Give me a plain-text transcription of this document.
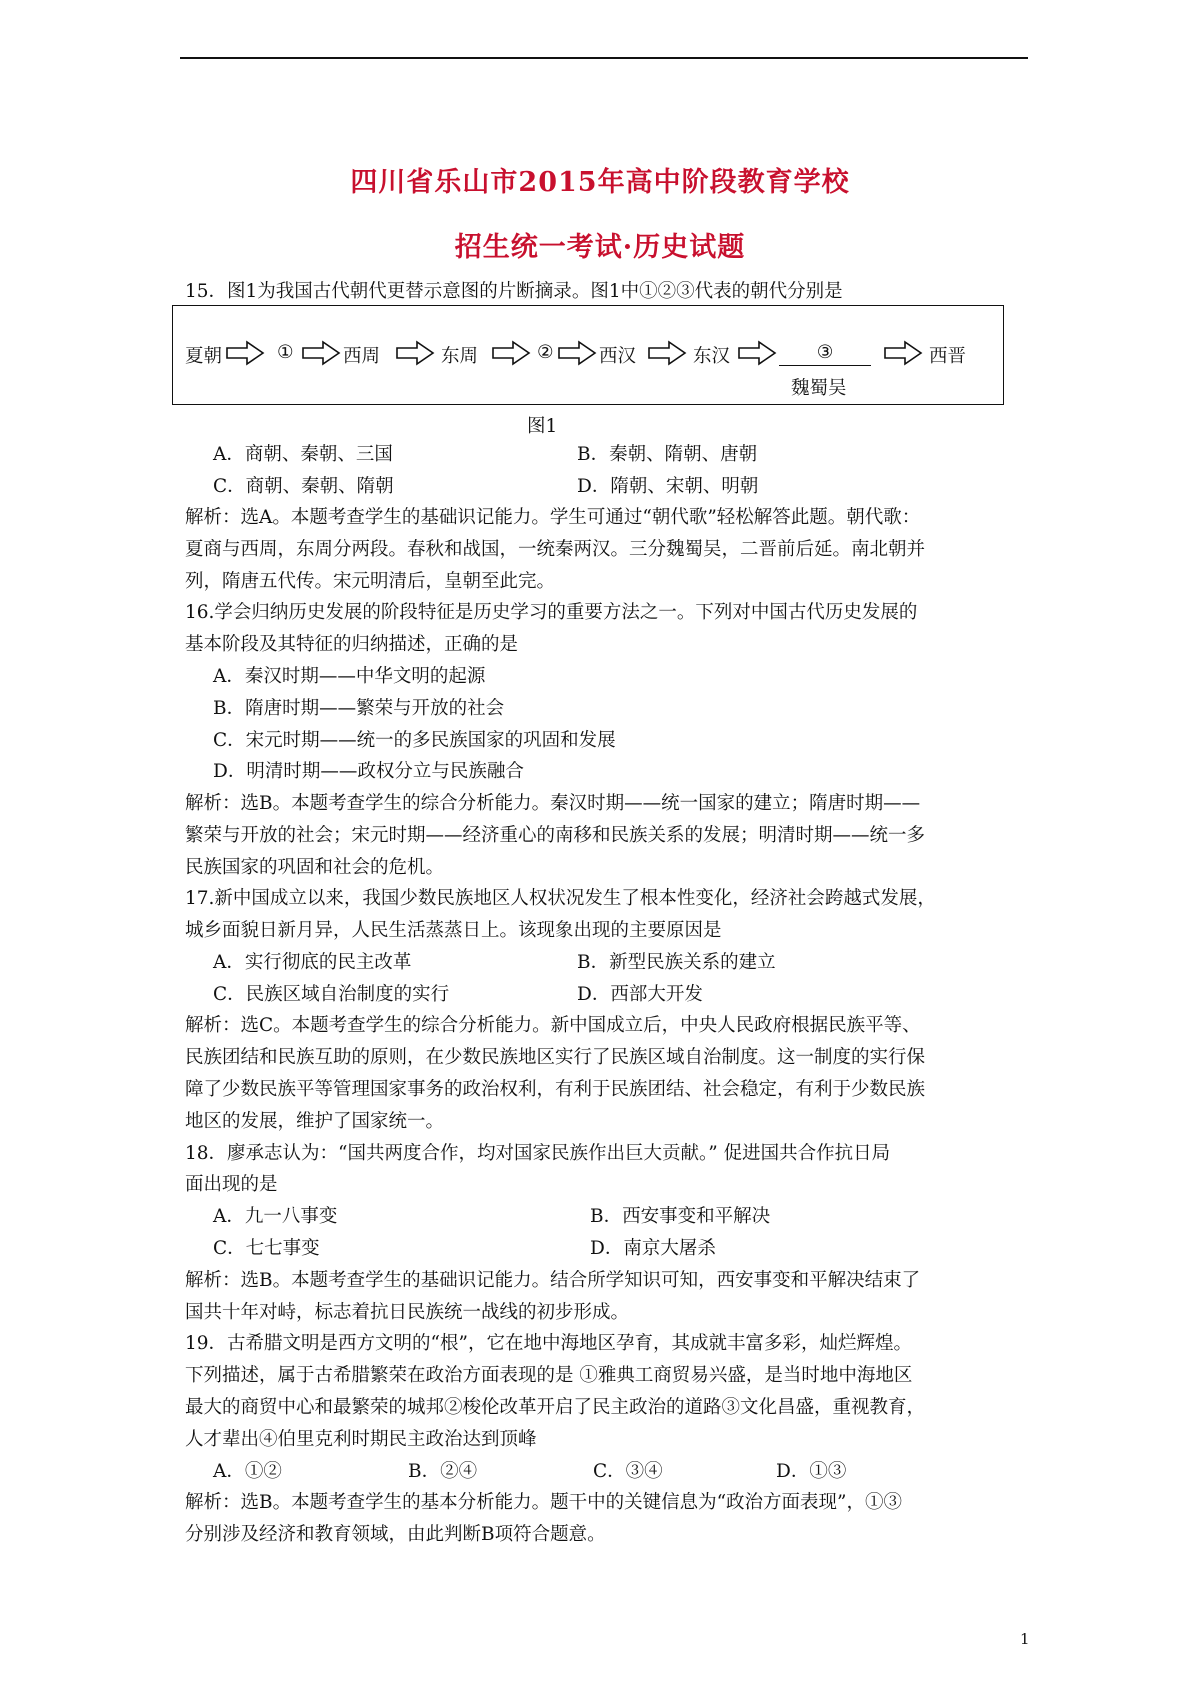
四川省乐山市2015年高中阶段教育学校
招生统一考试·历史试题
15．图1为我国古代朝代更替示意图的片断摘录。图1中①②③代表的朝代分别是
夏朝	①	西周	东周	② 西汉	东汉	③
魏蜀吴
西晋
图1
A．商朝、秦朝、三国	B．秦朝、隋朝、唐朝
C．商朝、秦朝、隋朝	D．隋朝、宋朝、明朝
解析：选A。本题考查学生的基础识记能力。学生可通过“朝代歌”轻松解答此题。朝代歌：
夏商与西周，东周分两段。春秋和战国，一统秦两汉。三分魏蜀吴，二晋前后延。南北朝并
列，隋唐五代传。宋元明清后，皇朝至此完。
16.学会归纳历史发展的阶段特征是历史学习的重要方法之一。下列对中国古代历史发展的
基本阶段及其特征的归纳描述，正确的是
A．秦汉时期——中华文明的起源
B．隋唐时期——繁荣与开放的社会
C．宋元时期——统一的多民族国家的巩固和发展
D．明清时期——政权分立与民族融合
解析：选B。本题考查学生的综合分析能力。秦汉时期——统一国家的建立；隋唐时期——
繁荣与开放的社会；宋元时期——经济重心的南移和民族关系的发展；明清时期——统一多
民族国家的巩固和社会的危机。
17.新中国成立以来，我国少数民族地区人权状况发生了根本性变化，经济社会跨越式发展，
城乡面貌日新月异，人民生活蒸蒸日上。该现象出现的主要原因是
A．实行彻底的民主改革	B．新型民族关系的建立
C．民族区域自治制度的实行	D．西部大开发
解析：选C。本题考查学生的综合分析能力。新中国成立后，中央人民政府根据民族平等、
民族团结和民族互助的原则，在少数民族地区实行了民族区域自治制度。这一制度的实行保
障了少数民族平等管理国家事务的政治权利，有利于民族团结、社会稳定，有利于少数民族
地区的发展，维护了国家统一。
18．廖承志认为：“国共两度合作，均对国家民族作出巨大贡献。” 促进国共合作抗日局
面出现的是
A．九一八事变	B．西安事变和平解决
C．七七事变	D．南京大屠杀
解析：选B。本题考查学生的基础识记能力。结合所学知识可知，西安事变和平解决结束了
国共十年对峙，标志着抗日民族统一战线的初步形成。
19．古希腊文明是西方文明的“根”，它在地中海地区孕育，其成就丰富多彩，灿烂辉煌。
下列描述，属于古希腊繁荣在政治方面表现的是 ①雅典工商贸易兴盛，是当时地中海地区
最大的商贸中心和最繁荣的城邦②梭伦改革开启了民主政治的道路③文化昌盛，重视教育，
人才辈出④伯里克利时期民主政治达到顶峰
A．①②	B．②④	C．③④	D．①③
解析：选B。本题考查学生的基本分析能力。题干中的关键信息为“政治方面表现”，①③
分别涉及经济和教育领域，由此判断B项符合题意。
1
